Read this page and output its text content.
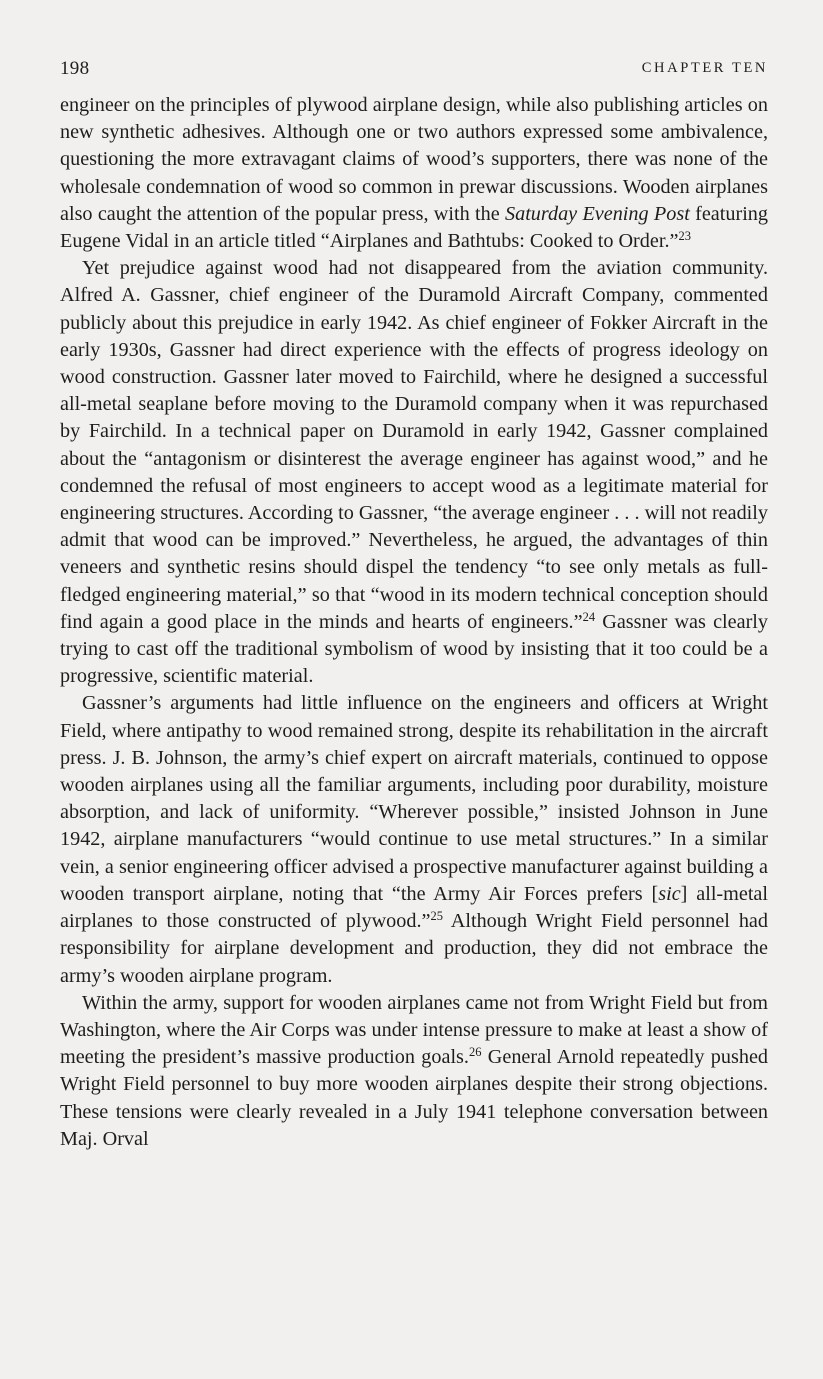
198	CHAPTER TEN

engineer on the principles of plywood airplane design, while also publishing articles on new synthetic adhesives. Although one or two authors expressed some ambivalence, questioning the more extravagant claims of wood’s supporters, there was none of the wholesale condemnation of wood so common in prewar discussions. Wooden airplanes also caught the attention of the popular press, with the Saturday Evening Post featuring Eugene Vidal in an article titled “Airplanes and Bathtubs: Cooked to Order.”$^{23}$

Yet prejudice against wood had not disappeared from the aviation community. Alfred A. Gassner, chief engineer of the Duramold Aircraft Company, commented publicly about this prejudice in early 1942. As chief engineer of Fokker Aircraft in the early 1930s, Gassner had direct experience with the effects of progress ideology on wood construction. Gassner later moved to Fairchild, where he designed a successful all-metal seaplane before moving to the Duramold company when it was repurchased by Fairchild. In a technical paper on Duramold in early 1942, Gassner complained about the “antagonism or disinterest the average engineer has against wood,” and he condemned the refusal of most engineers to accept wood as a legitimate material for engineering structures. According to Gassner, “the average engineer . . . will not readily admit that wood can be improved.” Nevertheless, he argued, the advantages of thin veneers and synthetic resins should dispel the tendency “to see only metals as full-fledged engineering material,” so that “wood in its modern technical conception should find again a good place in the minds and hearts of engineers.”$^{24}$ Gassner was clearly trying to cast off the traditional symbolism of wood by insisting that it too could be a progressive, scientific material.

Gassner’s arguments had little influence on the engineers and officers at Wright Field, where antipathy to wood remained strong, despite its rehabilitation in the aircraft press. J. B. Johnson, the army’s chief expert on aircraft materials, continued to oppose wooden airplanes using all the familiar arguments, including poor durability, moisture absorption, and lack of uniformity. “Wherever possible,” insisted Johnson in June 1942, airplane manufacturers “would continue to use metal structures.” In a similar vein, a senior engineering officer advised a prospective manufacturer against building a wooden transport airplane, noting that “the Army Air Forces prefers [sic] all-metal airplanes to those constructed of plywood.”$^{25}$ Although Wright Field personnel had responsibility for airplane development and production, they did not embrace the army’s wooden airplane program.

Within the army, support for wooden airplanes came not from Wright Field but from Washington, where the Air Corps was under intense pressure to make at least a show of meeting the president’s massive production goals.$^{26}$ General Arnold repeatedly pushed Wright Field personnel to buy more wooden airplanes despite their strong objections. These tensions were clearly revealed in a July 1941 telephone conversation between Maj. Orval
